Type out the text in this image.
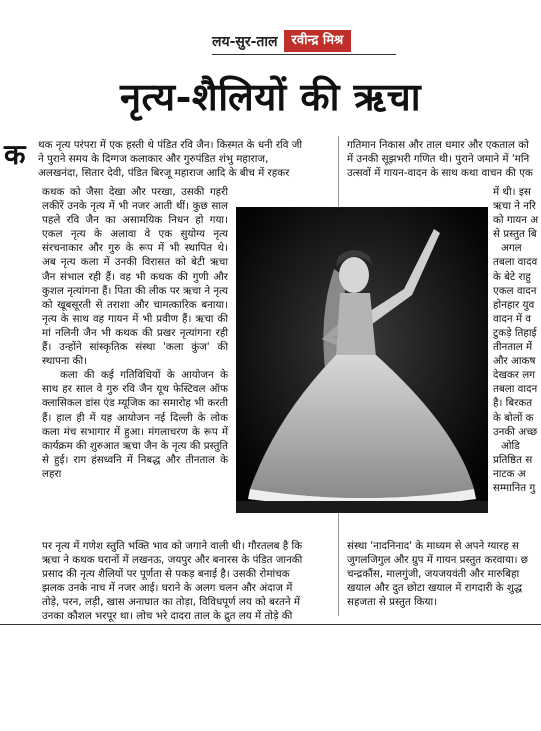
लय-सुर-ताल	रवीन्द्र मिश्र
नृत्य-शैलियों की ऋचा
क थक नृत्य परंपरा में एक हस्ती थे पंडित रवि जैन। किस्मत के धनी रवि जी

ने पुराने समय के दिग्गज कलाकार और गुरुपंडित शंभु महाराज,

अलखनंदा, सितार देवी, पंडित बिरजू महाराज आदि के बीच में रहकर

कथक को जैसा देखा और परखा, उसकी गहरी लकीरें उनके नृत्य में भी नजर आती थीं। कुछ साल पहले रवि जैन का असामयिक निधन हो गया। एकल नृत्य के अलावा वे एक सुयोग्य नृत्य संरचनाकार और गुरु के रूप में भी स्थापित थे। अब नृत्य कला में उनकी विरासत को बेटी ऋचा जैन संभाल रही हैं। वह भी कथक की गुणी और कुशल नृत्यांगना हैं। पिता की लीक पर ऋचा ने नृत्य को खूबसूरती से तराशा और चामत्कारिक बनाया। नृत्य के साथ वह गायन में भी प्रवीण हैं। ऋचा की मां नलिनी जैन भी कथक की प्रखर नृत्यांगना रही हैं। उन्होंने सांस्कृतिक संस्था 'कला कुंज' की स्थापना की।

कला की कई गतिविधियों के आयोजन के साथ हर साल वे गुरु रवि जैन यूथ फेस्टिवल ऑफ क्लासिकल डांस एंड म्यूजिक का समारोह भी करती हैं। हाल ही में यह आयोजन नई दिल्ली के लोक कला मंच सभागार में हुआ। मंगलाचरण के रूप में कार्यक्रम की शुरुआत ऋचा जैन के नृत्य की प्रस्तुति से हुई। राग हंसध्वनि में निबद्ध और तीनताल के लहरा

पर नृत्य में गणेश स्तुति भक्ति भाव को जगाने वाली थी। गौरतलब है कि

ऋचा ने कथक घरानों में लखनऊ, जयपुर और बनारस के पंडित जानकी

प्रसाद की नृत्य शैलियों पर पूर्णता से पकड़ बनाई है। उसकी रोमांचक

झलक उनके नाच में नजर आई। घराने के अलग चलन और अंदाज में

तोड़े, परन, लड़ी, खास अनाघात का तोड़ा, विविधपूर्ण लय को बरतने में

उनका कौशल भरपूर था। लोच भरे दादरा ताल के द्रुत लय में तोड़े की

गतिमान निकास और ताल धमार और एकताल को

में उनकी सूझभरी गणित थी। पुराने जमाने में 'मनि

उत्सवों में गायन-वादन के साथ कथा वाचन की एक

में थी। इस

ऋचा ने नरि

को गायन अ

से प्रस्तुत बि

अगल

तबला वादव

के बेटे राहु

एकल वादन

होनहार युव

वादन में व

टुकड़े तिहाई

तीनताल में

और आकष

देखकर लग

तबला वादन

है। बिरकत

के बोलों क

उनकी अच्छ

ओडि

प्रतिष्ठित स

नाटक अ

सम्मानित गु

संस्था 'नादनिनाद' के माध्यम से अपने ग्यारह स

जुगलजिगुल और ग्रुप में गायन प्रस्तुत करवाया। छ

चन्द्रकौंस, मालगुंजी, जयजयवंती और मारुबिहा

खयाल और दुत छोटा खयाल में रागदारी के शुद्ध

सहजता से प्रस्तुत किया।
